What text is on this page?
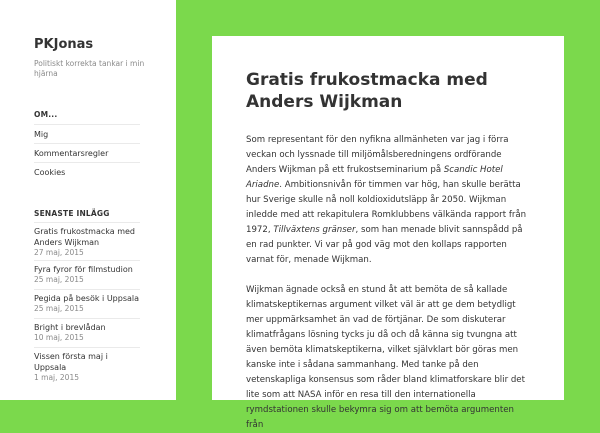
PKJonas
Politiskt korrekta tankar i min hjärna
OM...
Mig
Kommentarsregler
Cookies
SENASTE INLÄGG
Gratis frukostmacka med Anders Wijkman
27 maj, 2015
Fyra fyror för filmstudion
25 maj, 2015
Pegida på besök i Uppsala
25 maj, 2015
Bright i brevlådan
10 maj, 2015
Vissen första maj i Uppsala
1 maj, 2015
Gratis frukostmacka med Anders Wijkman

Som representant för den nyfikna allmänheten var jag i förra veckan och lyssnade till miljömålsberedningens ordförande Anders Wijkman på ett frukostseminarium på Scandic Hotel Ariadne. Ambitionsnivån för timmen var hög, han skulle berätta hur Sverige skulle nå noll koldioxidutsläpp år 2050. Wijkman inledde med att rekapitulera Romklubbens välkända rapport från 1972, Tillväxtens gränser, som han menade blivit sannspådd på en rad punkter. Vi var på god väg mot den kollaps rapporten varnat för, menade Wijkman.

Wijkman ägnade också en stund åt att bemöta de så kallade klimatskeptikernas argument vilket väl är att ge dem betydligt mer uppmärksamhet än vad de förtjänar. De som diskuterar klimatfrågans lösning tycks ju då och då känna sig tvungna att även bemöta klimatskeptikerna, vilket självklart bör göras men kanske inte i sådana sammanhang. Med tanke på den vetenskapliga konsensus som råder bland klimatforskare blir det lite som att NASA inför en resa till den internationella rymdstationen skulle bekymra sig om att bemöta argumenten från
